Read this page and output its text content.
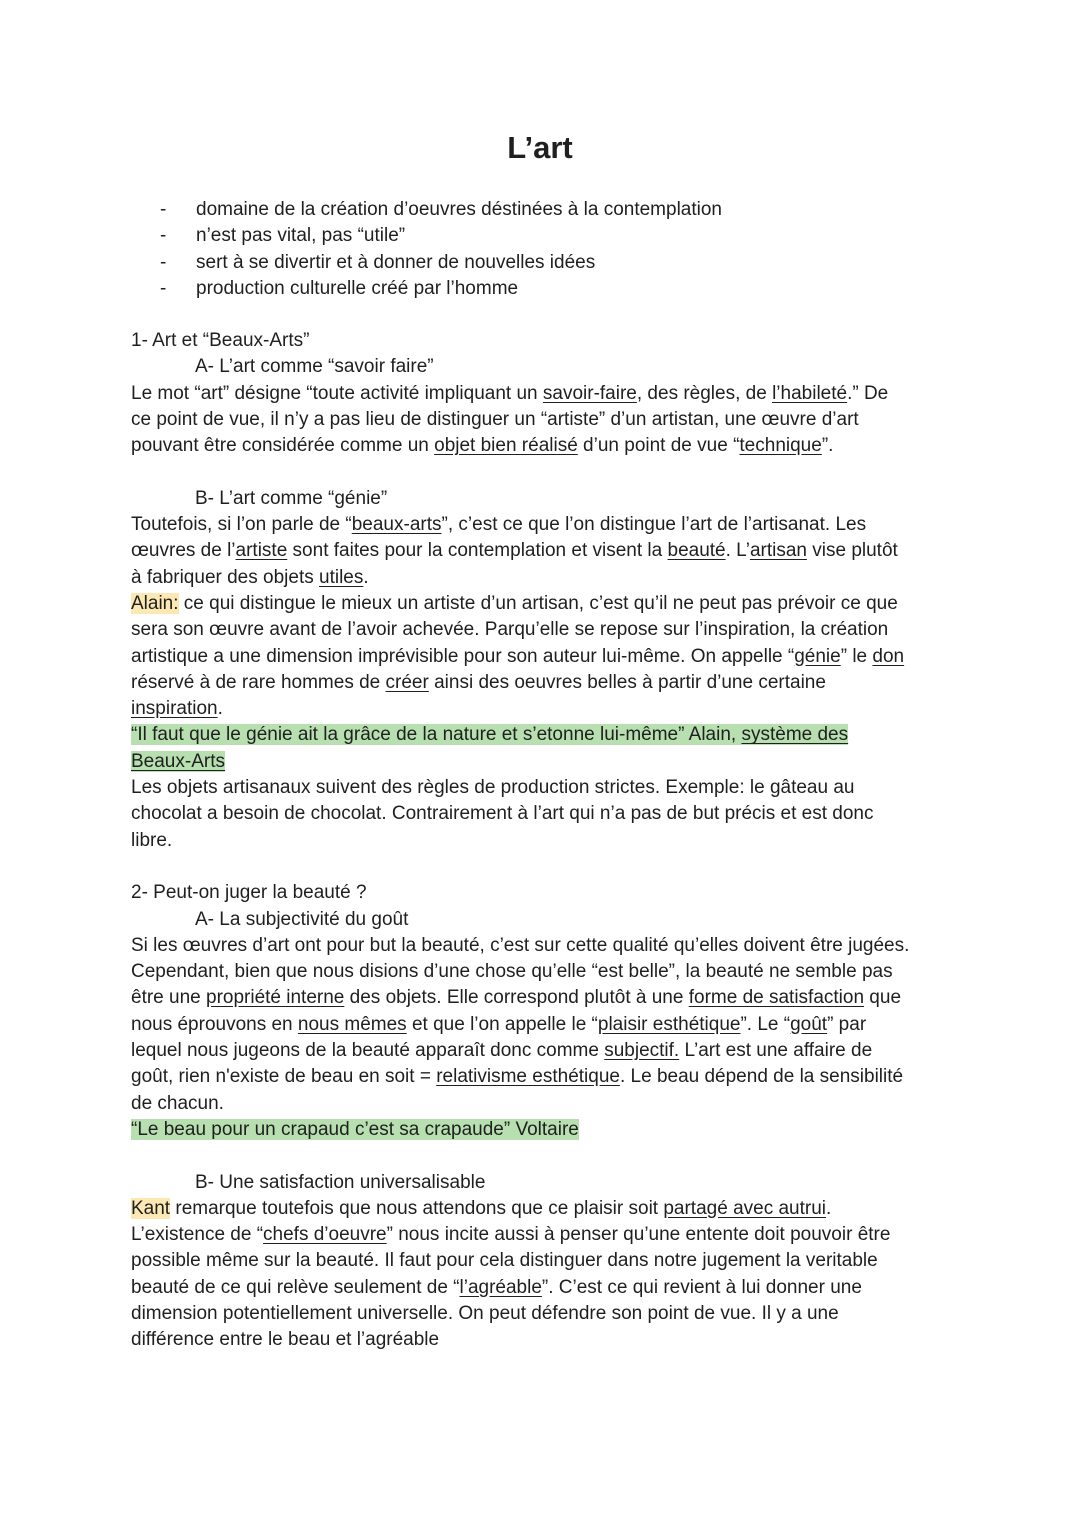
L’art
- domaine de la création d’oeuvres déstinées à la contemplation
- n’est pas vital, pas “utile”
- sert à se divertir et à donner de nouvelles idées
- production culturelle créé par l’homme
1- Art et “Beaux-Arts”
A- L’art comme “savoir faire”
Le mot “art” désigne “toute activité impliquant un savoir-faire, des règles, de l’habileté.” De
ce point de vue, il n’y a pas lieu de distinguer un “artiste” d’un artistan, une œuvre d’art
pouvant être considérée comme un objet bien réalisé d’un point de vue “technique”.
B- L’art comme “génie”
Toutefois, si l’on parle de “beaux-arts”, c’est ce que l’on distingue l’art de l’artisanat. Les
œuvres de l’artiste sont faites pour la contemplation et visent la beauté. L’artisan vise plutôt
à fabriquer des objets utiles.
Alain: ce qui distingue le mieux un artiste d’un artisan, c’est qu’il ne peut pas prévoir ce que
sera son œuvre avant de l’avoir achevée. Parqu’elle se repose sur l’inspiration, la création
artistique a une dimension imprévisible pour son auteur lui-même. On appelle “génie” le don
réservé à de rare hommes de créer ainsi des oeuvres belles à partir d’une certaine
inspiration.
“Il faut que le génie ait la grâce de la nature et s’etonne lui-même” Alain, système des
Beaux-Arts
Les objets artisanaux suivent des règles de production strictes. Exemple: le gâteau au
chocolat a besoin de chocolat. Contrairement à l’art qui n’a pas de but précis et est donc
libre.
2- Peut-on juger la beauté ?
A- La subjectivité du goût
Si les œuvres d’art ont pour but la beauté, c’est sur cette qualité qu’elles doivent être jugées.
Cependant, bien que nous disions d’une chose qu’elle “est belle”, la beauté ne semble pas
être une propriété interne des objets. Elle correspond plutôt à une forme de satisfaction que
nous éprouvons en nous mêmes et que l’on appelle le “plaisir esthétique”. Le “goût” par
lequel nous jugeons de la beauté apparaît donc comme subjectif. L’art est une affaire de
goût, rien n'existe de beau en soit = relativisme esthétique. Le beau dépend de la sensibilité
de chacun.
“Le beau pour un crapaud c’est sa crapaude” Voltaire
B- Une satisfaction universalisable
Kant remarque toutefois que nous attendons que ce plaisir soit partagé avec autrui.
L’existence de “chefs d’oeuvre” nous incite aussi à penser qu’une entente doit pouvoir être
possible même sur la beauté. Il faut pour cela distinguer dans notre jugement la veritable
beauté de ce qui relève seulement de “l’agréable”. C’est ce qui revient à lui donner une
dimension potentiellement universelle. On peut défendre son point de vue. Il y a une
différence entre le beau et l’agréable
